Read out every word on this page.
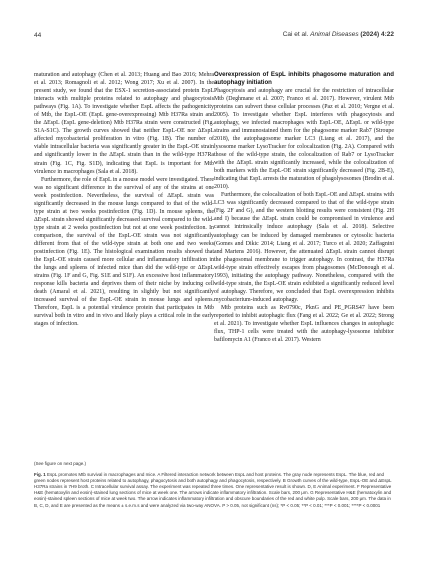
44	Cai et al. Animal Diseases (2024) 4:22

maturation and autophagy (Chen et al. 2013; Huang and Bao 2016; Mehra et al. 2013; Romagnoli et al. 2012; Wong 2017; Xu et al. 2007). In the present study, we found that the ESX-1 secretion-associated protein EspL interacts with multiple proteins related to autophagy and phagocytosis pathways (Fig. 1A). To investigate whether EspL affects the pathogenicity of Mtb, the EspL-OE (EspL gene-overexpressing) Mtb H37Ra strain and the ΔEspL (EspL gene-deletion) Mtb H37Ra strain were constructed (Fig. S1A-S1C). The growth curves showed that neither EspL-OE nor ΔEspL affected mycobacterial proliferation in vitro (Fig. 1B). The number of viable intracellular bacteria was significantly greater in the EspL-OE strain and significantly lower in the ΔEspL strain than in the wild-type H37Ra strain (Fig. 1C, Fig. S1D), indicating that EspL is important for Mtb virulence in macrophages (Sala et al. 2018).

Furthermore, the role of EspL in a mouse model were investigated. There was no significant difference in the survival of any of the strains at one week postinfection. Nevertheless, the survival of ΔEspL strain was significantly decreased in the mouse lungs compared to that of the wild-type strain at two weeks postinfection (Fig. 1D). In mouse spleens, the ΔEspL strain showed significantly decreased survival compared to the wild-type strain at 2 weeks postinfection but not at one week postinfection. In comparison, the survival of the EspL-OE strain was not significantly different from that of the wild-type strain at both one and two weeks postinfection (Fig. 1E). The histological examination results showed that the EspL-OE strain caused more cellular and inflammatory infiltration in the lungs and spleens of infected mice than did the wild-type or ΔEspL strains (Fig. 1F and G, Fig. S1E and S1F). An excessive host inflammatory response kills bacteria and deprives them of their niche by inducing cell death (Amaral et al. 2021), resulting in slightly but not significantly increased survival of the EspL-OE strain in mouse lungs and spleens. Therefore, EspL is a potential virulence protein that participates in Mtb survival both in vitro and in vivo and likely plays a critical role in the early stages of infection.

Overexpression of EspL inhibits phagosome maturation and autophagy initiation

Phagocytosis and autophagy are crucial for the restriction of intracellular Mtb (Deghmane et al. 2007; Franco et al. 2017). However, virulent Mtb proteins can subvert these cellular processes (Paz et al. 2010; Vergne et al. 2005). To investigate whether EspL interferes with phagocytosis and autophagy, we infected macrophages with EspL-OE, ΔEspL or wild-type strains and immunostained them for the phagosome marker Rab7 (Stroupe 2018), the autophagosome marker LC3 (Liang et al. 2017), and the lysosome marker LysoTracker for colocalization (Fig. 2A). Compared with those of the wild-type strain, the colocalization of Rab7 or LysoTracker with the ΔEspL strain significantly increased, while the colocalization of both markers with the EspL-OE strain significantly decreased (Fig. 2B-E), indicating that EspL arrests the maturation of phagolysosomes (Brodin et al. 2010).

Furthermore, the colocalization of both EspL-OE and ΔEspL strains with LC3 was significantly decreased compared to that of the wild-type strain (Fig. 2F and G), and the western blotting results were consistent (Fig. 2H and I) because the ΔEspL strain could be compromised in virulence and cannot intrinsically induce autophagy (Sala et al. 2018). Selective autophagy can be induced by damaged membranes or cytosolic bacteria (Gomes and Dikic 2014; Liang et al. 2017; Turco et al. 2020; Zaffagnini and Martens 2016). However, the attenuated ΔEspL strain cannot disrupt the phagosomal membrane to trigger autophagy. In contrast, the H37Ra wild-type strain effectively escapes from phagosomes (McDonough et al. 1993), initiating the autophagy pathway. Nonetheless, compared with the wild-type strain, the EspL-OE strain exhibited a significantly reduced level of autophagy. Therefore, we concluded that EspL overexpression inhibits mycobacterium-induced autophagy.

Mtb proteins such as Rv0790c, PknG and PE_PGRS47 have been reported to inhibit autophagic flux (Fang et al. 2022; Ge et al. 2022; Strong et al. 2021). To investigate whether EspL influences changes in autophagic flux, THP-1 cells were treated with the autophagy-lysosome inhibitor bafilomycin A1 (Franco et al. 2017). Western

(See figure on next page.)

Fig. 1 EspL promotes Mtb survival in macrophages and mice. A Filtered interaction network between EspL and host proteins. The gray node represents EspL. The blue, red and green nodes represent host proteins related to autophagy, phagocytosis and both autophagy and phagocytosis, respectively. B Growth curves of the wild-type, EspL-OE and ΔEspL H37Ra strains in 7H9 broth. C Intracellular survival assay. The experiment was repeated three times. One representative result is shown. D, E Animal experiment. F Representative H&E (hematoxylin and eosin)-stained lung sections of mice at week one. The arrows indicate inflammatory infiltration. Scale bars, 200 μm. G Representative H&E (hematoxylin and eosin)-stained spleen sections of mice at week two. The arrow indicates inflammatory infiltration and obscure boundaries of the red and white pulp. Scale bars, 200 μm. The data in B, C, D, and E are presented as the means ± s.e.m.s and were analyzed via two-way ANOVA. P > 0.05, not significant (ns); *P < 0.05; **P < 0.01; ***P < 0.001; ****P < 0.0001
